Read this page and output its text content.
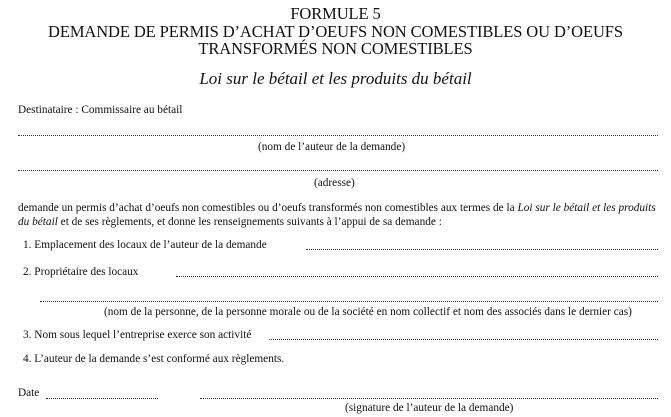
FORMULE 5
DEMANDE DE PERMIS D’ACHAT D’OEUFS NON COMESTIBLES OU D’OEUFS
TRANSFORMÉS NON COMESTIBLES
Loi sur le bétail et les produits du bétail
Destinataire : Commissaire au bétail
(nom de l’auteur de la demande)
(adresse)
demande un permis d’achat d’oeufs non comestibles ou d’oeufs transformés non comestibles aux termes de la Loi sur le bétail et les produits du bétail et de ses règlements, et donne les renseignements suivants à l’appui de sa demande :
1. Emplacement des locaux de l’auteur de la demande
2. Propriétaire des locaux
(nom de la personne, de la personne morale ou de la société en nom collectif et nom des associés dans le dernier cas)
3. Nom sous lequel l’entreprise exerce son activité
4. L’auteur de la demande s’est conformé aux règlements.
Date
(signature de l’auteur de la demande)
